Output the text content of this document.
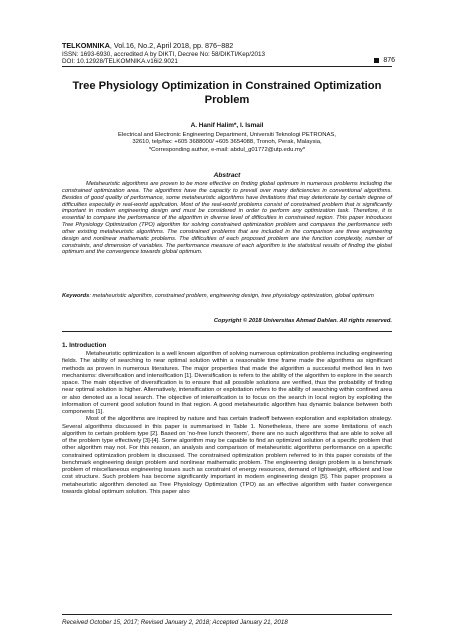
TELKOMNIKA, Vol.16, No.2, April 2018, pp. 876~882
ISSN: 1693-6930, accredited A by DIKTI, Decree No: 58/DIKTI/Kep/2013
DOI: 10.12928/TELKOMNIKA.v16i2.9021	876
Tree Physiology Optimization in Constrained Optimization Problem
A. Hanif Halim*, I. Ismail
Electrical and Electronic Engineering Department, Universiti Teknologi PETRONAS,
32610, telp/fax: +605 3688000/ +605 3654088, Tronoh, Perak, Malaysia,
*Corresponding author, e-mail: abdul_g01772@utp.edu.my*
Abstract
Metaheuristic algorithms are proven to be more effective on finding global optimum in numerous problems including the constrained optimization area. The algorithms have the capacity to prevail over many deficiencies in conventional algorithms. Besides of good quality of performance, some metaheuristic algorithms have limitations that may deteriorate by certain degree of difficulties especially in real-world application. Most of the real-world problems consist of constrained problem that is significantly important in modern engineering design and must be considered in order to perform any optimization task. Therefore, it is essential to compare the performance of the algorithm in diverse level of difficulties in constrained region. This paper introduces Tree Physiology Optimization (TPO) algorithm for solving constrained optimization problem and compares the performance with other existing metaheuristic algorithms. The constrained problems that are included in the comparison are three engineering design and nonlinear mathematic problems. The difficulties of each proposed problem are the function complexity, number of constraints, and dimension of variables. The performance measure of each algorithm is the statistical results of finding the global optimum and the convergence towards global optimum.
Keywords: metaheuristic algorithm, constrained problem, engineering design, tree physiology optimization, global optimum
Copyright © 2018 Universitas Ahmad Dahlan. All rights reserved.
1. Introduction

Metaheuristic optimization is a well known algorithm of solving numerous optimization problems including engineering fields. The ability of searching to near optimal solution within a reasonable time frame made the algorithms as significant methods as proven in numerous literatures. The major properties that made the algorithm a successful method lies in two mechanisms: diversification and intensification [1]. Diversification is refers to the ability of the algorithm to explore in the search space. The main objective of diversification is to ensure that all possible solutions are verified, thus the probability of finding near optimal solution is higher. Alternatively, intensification or exploitation refers to the ability of searching within confined area or also denoted as a local search. The objective of intensification is to focus on the search in local region by exploiting the information of current good solution found in that region. A good metaheuristic algorithm has dynamic balance between both components [1].

Most of the algorithms are inspired by nature and has certain tradeoff between exploration and exploitation strategy. Several algorithms discussed in this paper is summarised in Table 1. Nonetheless, there are some limitations of each algorithm to certain problem type [2]. Based on ‘no-free lunch theorem’, there are no such algorithms that are able to solve all of the problem type effectively [3]-[4]. Some algorithm may be capable to find an optimized solution of a specific problem that other algorithm may not. For this reason, an analysis and comparison of metaheuristic algorithms performance on a specific constrained optimization problem is discussed. The constrained optimization problem referred to in this paper consists of the benchmark engineering design problem and nonlinear mathematic problem. The engineering design problem is a benchmark problem of miscellaneous engineering issues such as constraint of energy resources, demand of lightweight, efficient and low cost structure. Such problem has become significantly important in modern engineering design [5]. This paper proposes a metaheuristic algorithm denoted as Tree Physiology Optimization (TPO) as an effective algorithm with faster convergence towards global optimum solution. This paper also

Received October 15, 2017; Revised January 2, 2018; Accepted January 21, 2018
